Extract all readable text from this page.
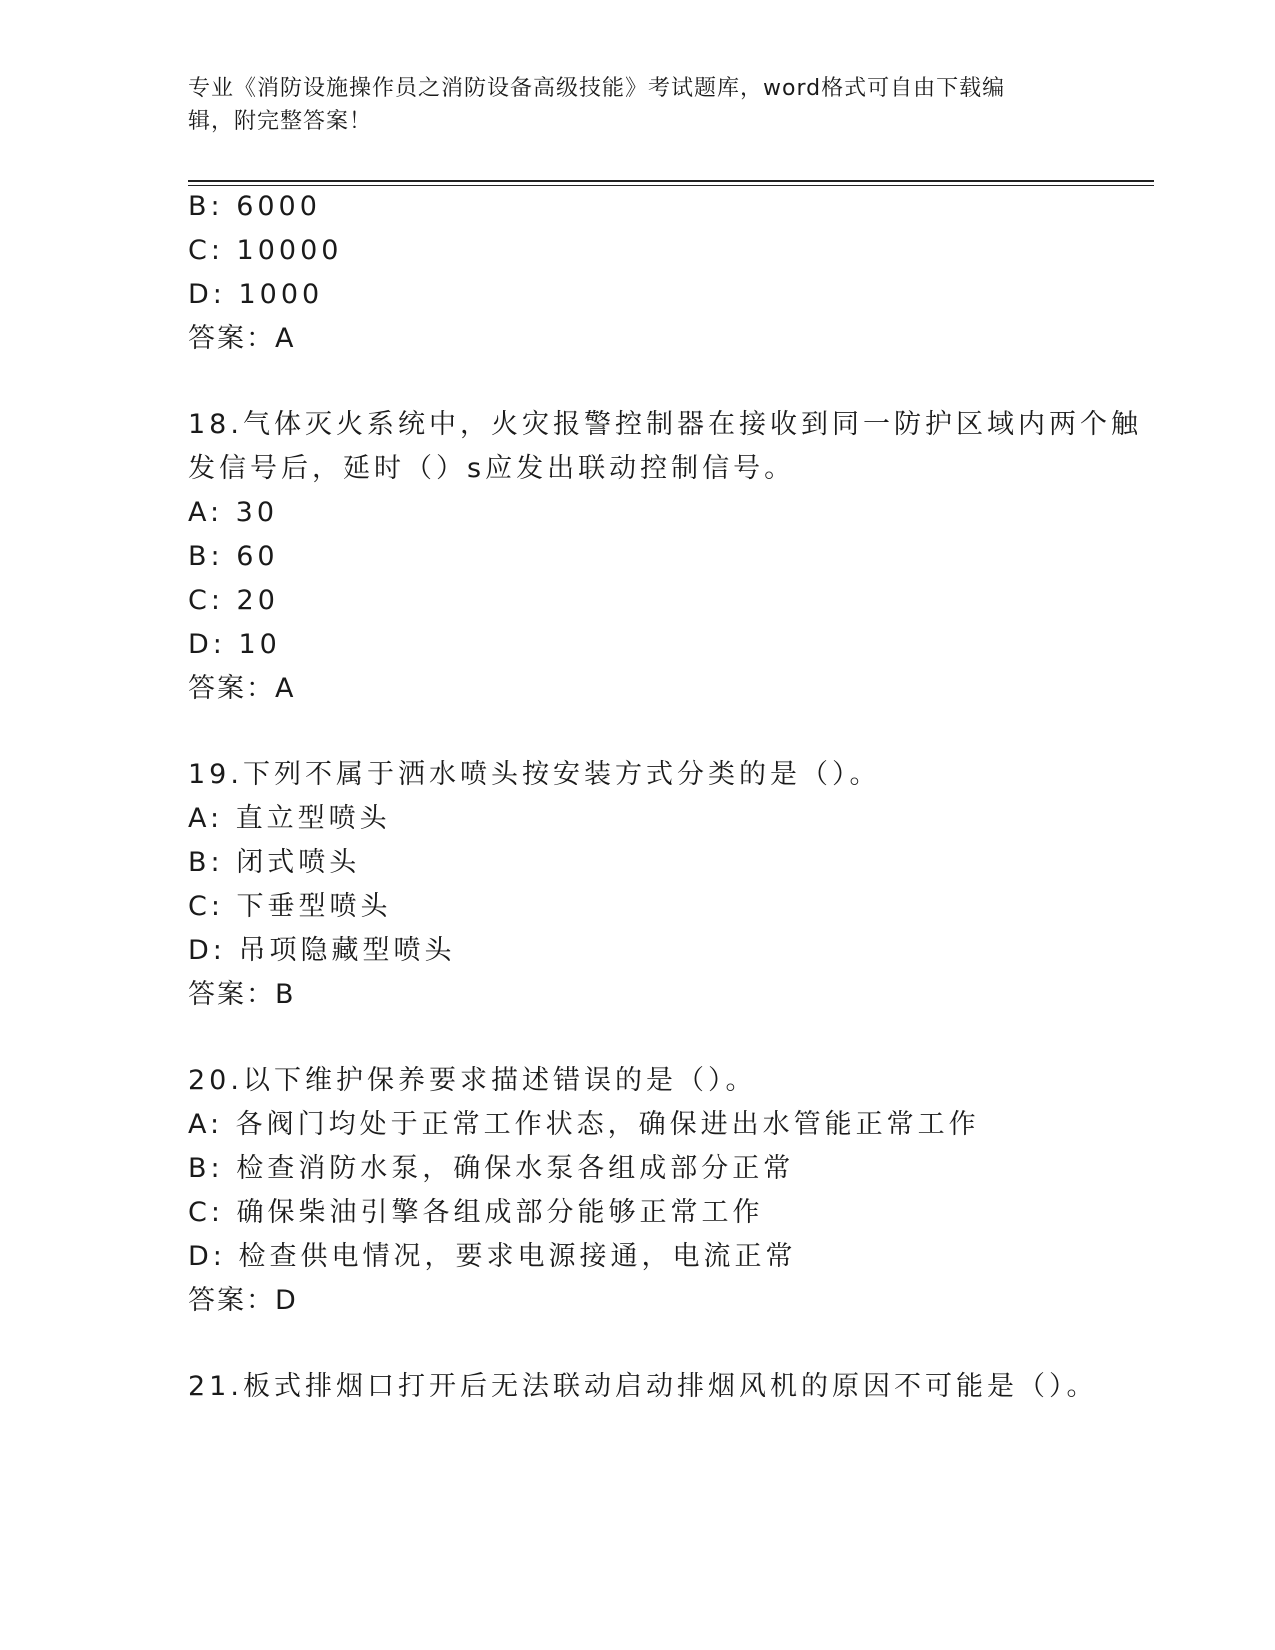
专业《消防设施操作员之消防设备高级技能》考试题库，word格式可自由下载编
辑，附完整答案！
B: 6000
C: 10000
D: 1000
答案：A
18.气体灭火系统中，火灾报警控制器在接收到同一防护区域内两个触
发信号后，延时（）s应发出联动控制信号。
A: 30
B: 60
C: 20
D: 10
答案：A
19.下列不属于洒水喷头按安装方式分类的是（）。
A: 直立型喷头
B: 闭式喷头
C: 下垂型喷头
D: 吊项隐藏型喷头
答案：B
20.以下维护保养要求描述错误的是（）。
A: 各阀门均处于正常工作状态，确保进出水管能正常工作
B: 检查消防水泵，确保水泵各组成部分正常
C: 确保柴油引擎各组成部分能够正常工作
D: 检查供电情况，要求电源接通，电流正常
答案：D
21.板式排烟口打开后无法联动启动排烟风机的原因不可能是（）。
